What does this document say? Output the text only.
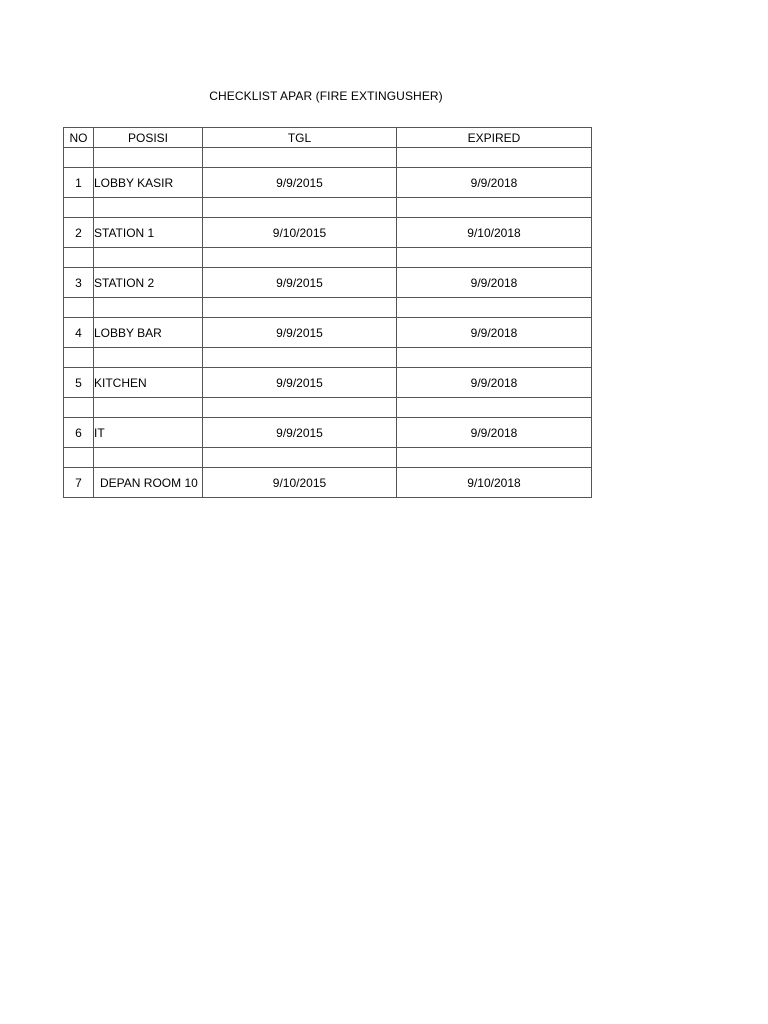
CHECKLIST APAR (FIRE EXTINGUSHER)
NO	POSISI	TGL	EXPIRED

1	LOBBY KASIR	9/9/2015	9/9/2018

2	STATION 1	9/10/2015	9/10/2018

3	STATION 2	9/9/2015	9/9/2018

4	LOBBY BAR	9/9/2015	9/9/2018

5	KITCHEN	9/9/2015	9/9/2018

6	IT	9/9/2015	9/9/2018

7	DEPAN ROOM 10	9/10/2015	9/10/2018
